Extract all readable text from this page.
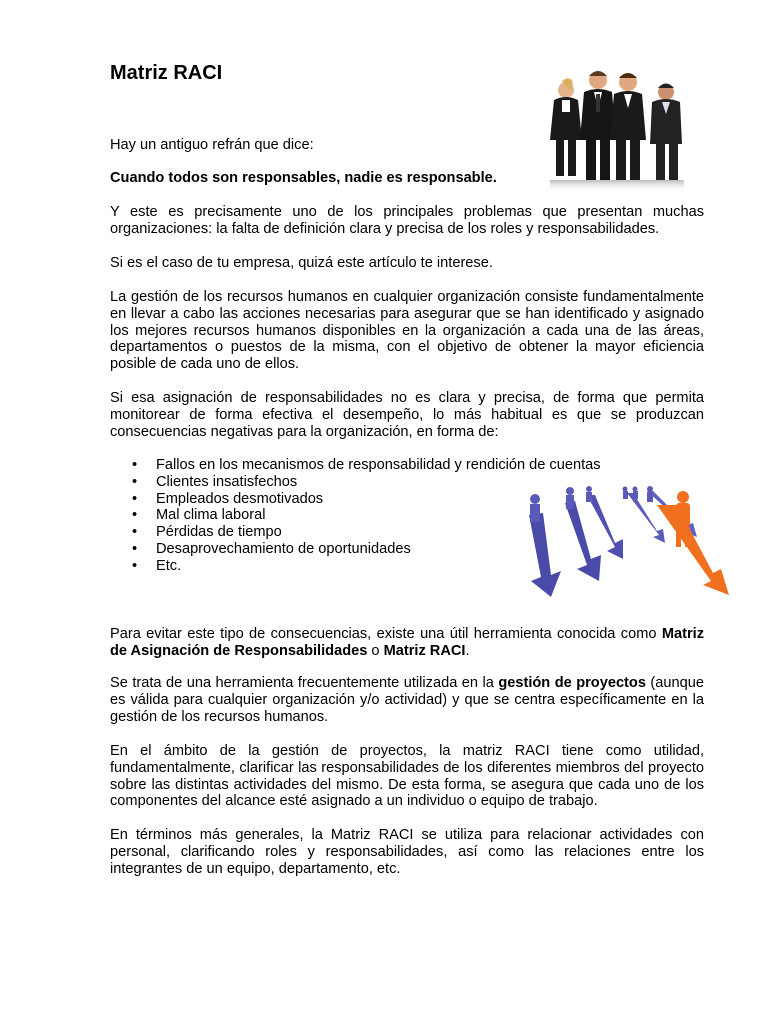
Matriz RACI

Hay un antiguo refrán que dice:

Cuando todos son responsables, nadie es responsable.

Y este es precisamente uno de los principales problemas que presentan muchas organizaciones: la falta de definición clara y precisa de los roles y responsabilidades.

Si es el caso de tu empresa, quizá este artículo te interese.

La gestión de los recursos humanos en cualquier organización consiste fundamentalmente en llevar a cabo las acciones necesarias para asegurar que se han identificado y asignado los mejores recursos humanos disponibles en la organización a cada una de las áreas, departamentos o puestos de la misma, con el objetivo de obtener la mayor eficiencia posible de cada uno de ellos.

Si esa asignación de responsabilidades no es clara y precisa, de forma que permita monitorear de forma efectiva el desempeño, lo más habitual es que se produzcan consecuencias negativas para la organización, en forma de:

• Fallos en los mecanismos de responsabilidad y rendición de cuentas
• Clientes insatisfechos
• Empleados desmotivados
• Mal clima laboral
• Pérdidas de tiempo
• Desaprovechamiento de oportunidades
• Etc.

Para evitar este tipo de consecuencias, existe una útil herramienta conocida como Matriz de Asignación de Responsabilidades o Matriz RACI.

Se trata de una herramienta frecuentemente utilizada en la gestión de proyectos (aunque es válida para cualquier organización y/o actividad) y que se centra específicamente en la gestión de los recursos humanos.

En el ámbito de la gestión de proyectos, la matriz RACI tiene como utilidad, fundamentalmente, clarificar las responsabilidades de los diferentes miembros del proyecto sobre las distintas actividades del mismo. De esta forma, se asegura que cada uno de los componentes del alcance esté asignado a un individuo o equipo de trabajo.

En términos más generales, la Matriz RACI se utiliza para relacionar actividades con personal, clarificando roles y responsabilidades, así como las relaciones entre los integrantes de un equipo, departamento, etc.
